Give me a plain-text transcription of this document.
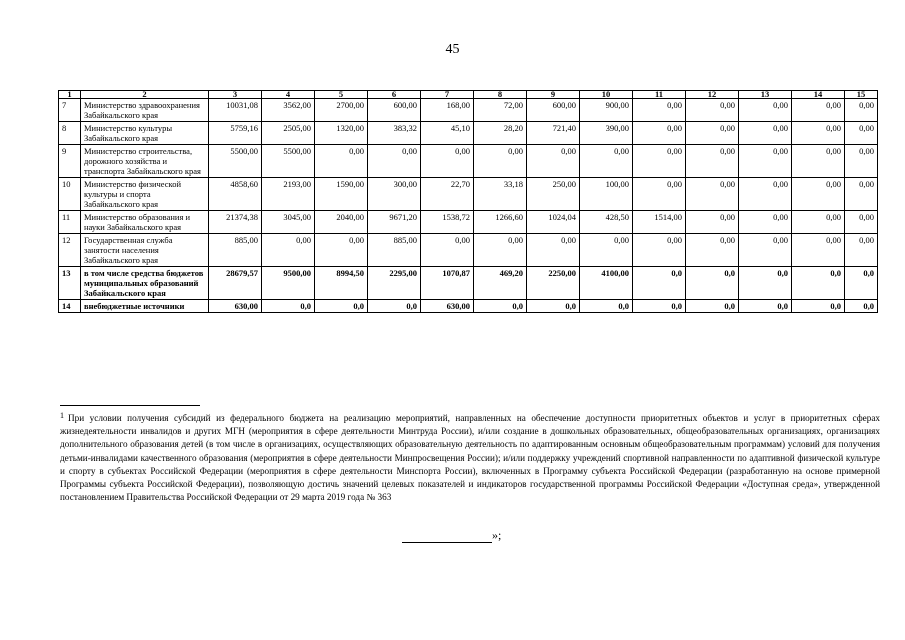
45
1	2	3	4	5	6	7	8	9	10	11	12	13	14	15
7	Министерство здравоохранения Забайкальского края	10031,08	3562,00	2700,00	600,00	168,00	72,00	600,00	900,00	0,00	0,00	0,00	0,00	0,00
8	Министерство культуры Забайкальского края	5759,16	2505,00	1320,00	383,32	45,10	28,20	721,40	390,00	0,00	0,00	0,00	0,00	0,00
9	Министерство строительства, дорожного хозяйства и транспорта Забайкальского края	5500,00	5500,00	0,00	0,00	0,00	0,00	0,00	0,00	0,00	0,00	0,00	0,00	0,00
10	Министерство физической культуры и спорта Забайкальского края	4858,60	2193,00	1590,00	300,00	22,70	33,18	250,00	100,00	0,00	0,00	0,00	0,00	0,00
11	Министерство образования и науки Забайкальского края	21374,38	3045,00	2040,00	9671,20	1538,72	1266,60	1024,04	428,50	1514,00	0,00	0,00	0,00	0,00
12	Государственная служба занятости населения Забайкальского края	885,00	0,00	0,00	885,00	0,00	0,00	0,00	0,00	0,00	0,00	0,00	0,00	0,00
13	в том числе средства бюджетов муниципальных образований Забайкальского края	28679,57	9500,00	8994,50	2295,00	1070,87	469,20	2250,00	4100,00	0,0	0,0	0,0	0,0	0,0
14	внебюджетные источники	630,00	0,0	0,0	0,0	630,00	0,0	0,0	0,0	0,0	0,0	0,0	0,0	0,0
$^1$ При условии получения субсидий из федерального бюджета на реализацию мероприятий, направленных на обеспечение доступности приоритетных объектов и услуг в приоритетных сферах жизнедеятельности инвалидов и других МГН (мероприятия в сфере деятельности Минтруда России), и/или создание в дошкольных образовательных, общеобразовательных организациях, организациях дополнительного образования детей (в том числе в организациях, осуществляющих образовательную деятельность по адаптированным основным общеобразовательным программам) условий для получения детьми-инвалидами качественного образования (мероприятия в сфере деятельности Минпросвещения России); и/или поддержку учреждений спортивной направленности по адаптивной физической культуре и спорту в субъектах Российской Федерации (мероприятия в сфере деятельности Минспорта России), включенных в Программу субъекта Российской Федерации (разработанную на основе примерной Программы субъекта Российской Федерации), позволяющую достичь значений целевых показателей и индикаторов государственной программы Российской Федерации «Доступная среда», утвержденной постановлением Правительства Российской Федерации от 29 марта 2019 года № 363
»;
